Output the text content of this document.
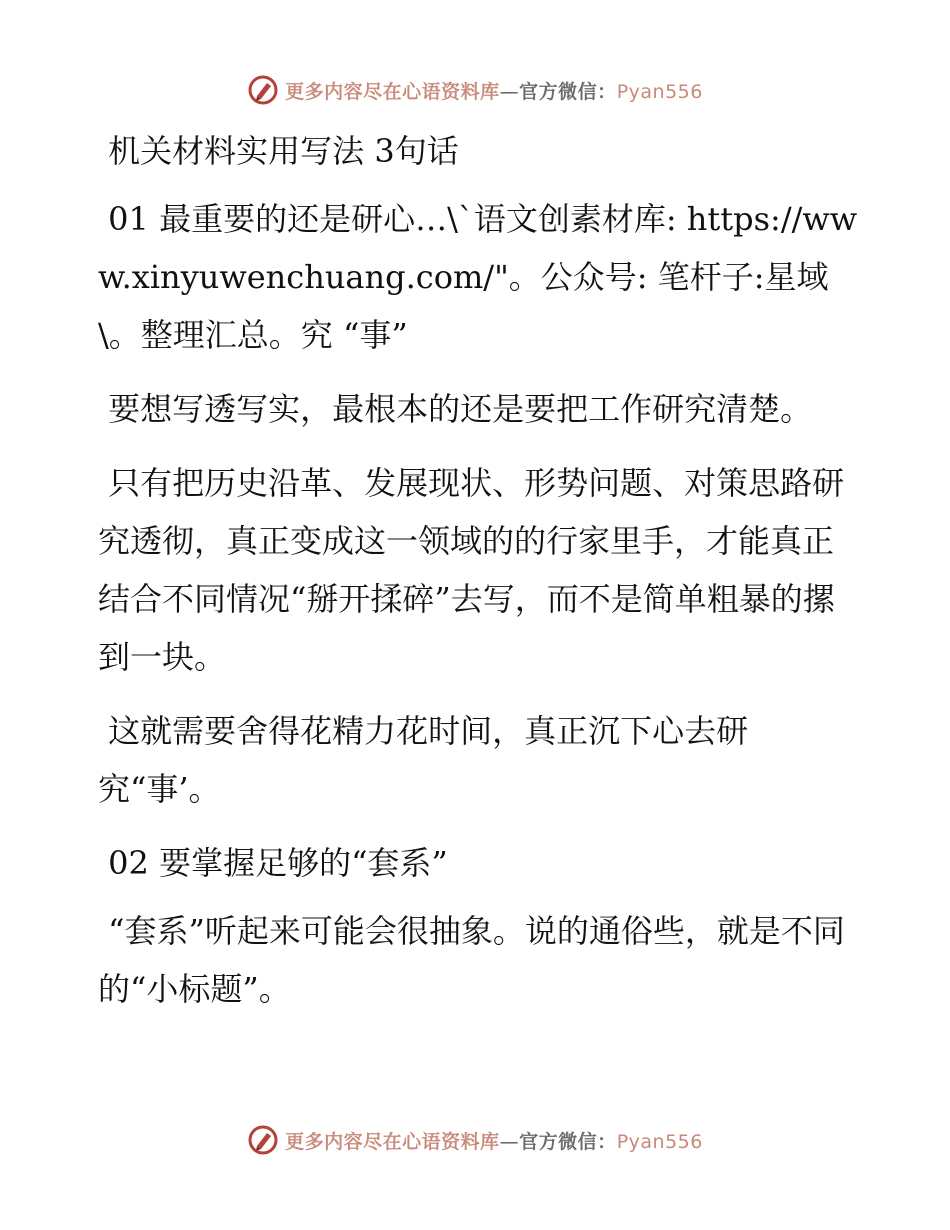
更多内容尽在心语资料库—官方微信：Pyan556

机关材料实用写法 3句话

01 最重要的还是研心…\`语文创素材库: https://www.xinyuwenchuang.com/"。公众号: 笔杆子:星域\。整理汇总。究 “事”

要想写透写实，最根本的还是要把工作研究清楚。

只有把历史沿革、发展现状、形势问题、对策思路研究透彻，真正变成这一领域的的行家里手，才能真正结合不同情况“掰开揉碎”去写，而不是简单粗暴的摞到一块。

这就需要舍得花精力花时间，真正沉下心去研究“事’。

02 要掌握足够的“套系”

“套系”听起来可能会很抽象。说的通俗些，就是不同的“小标题”。

更多内容尽在心语资料库—官方微信：Pyan556
